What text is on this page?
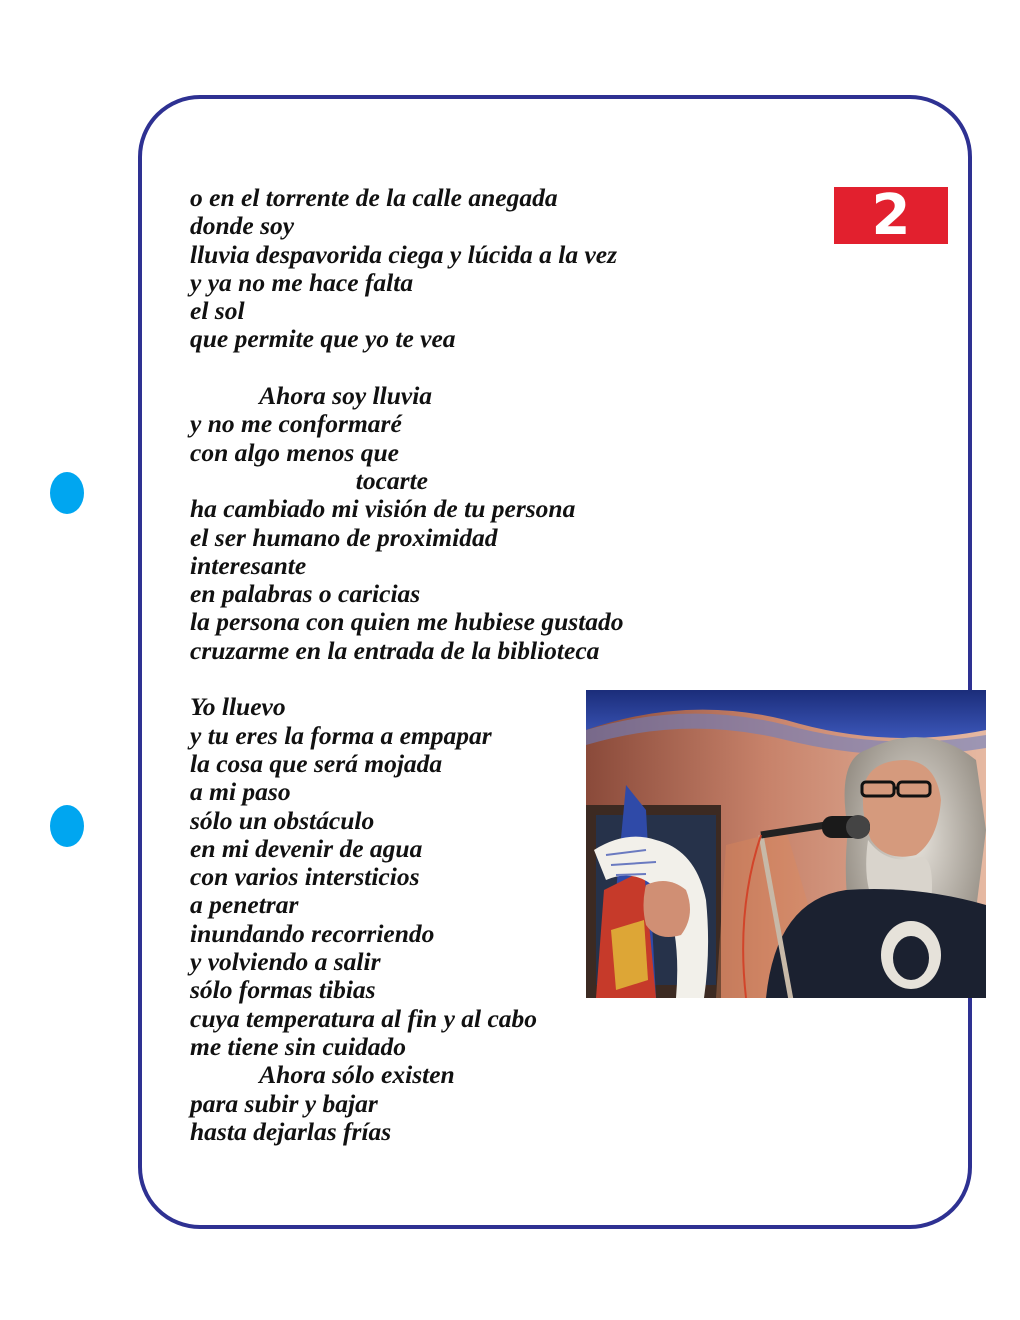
2
o en el torrente de la calle anegada
donde soy
lluvia despavorida ciega y lúcida a la vez
y ya no me hace falta
el sol
que permite que yo te vea
Ahora soy lluvia
y no me conformaré
con algo menos que
tocarte
ha cambiado mi visión de tu persona
el ser humano de proximidad
interesante
en palabras o caricias
la persona con quien me hubiese gustado
cruzarme en la entrada de la biblioteca
Yo lluevo
y tu eres la forma a empapar
la cosa que será mojada
a mi paso
sólo un obstáculo
en mi devenir de agua
con varios intersticios
a penetrar
inundando recorriendo
y volviendo a salir
sólo formas tibias
cuya temperatura al fin y al cabo
me tiene sin cuidado
Ahora sólo existen
para subir y bajar
hasta dejarlas frías
